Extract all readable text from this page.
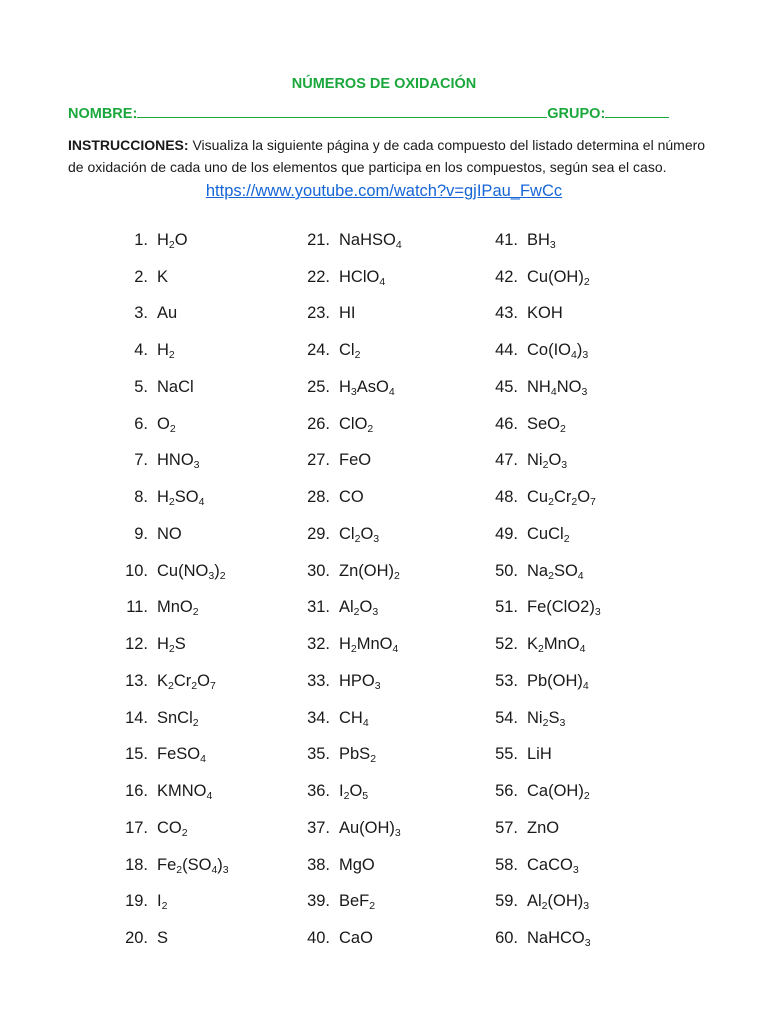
NÚMEROS DE OXIDACIÓN
NOMBRE:	GRUPO:
INSTRUCCIONES: Visualiza la siguiente página y de cada compuesto del listado determina el número de oxidación de cada uno de los elementos que participa en los compuestos, según sea el caso.
https://www.youtube.com/watch?v=gjIPau_FwCc
1. $H_2O$
2. K
3. Au
4. $H_2$
5. NaCl
6. $O_2$
7. $HNO_3$
8. $H_2SO_4$
9. NO
10. $Cu(NO_3)_2$
11. MnO$_2$
12. $H_2S$
13. $K_2Cr_2O_7$
14. SnCl$_2$
15. FeSO$_4$
16. $KMNO_4$
17. $CO_2$
18. $Fe_2(SO_4)_3$
19. $I_2$
20. S
21. NaHSO$_4$
22. HClO$_4$
23. HI
24. $Cl_2$
25. $H_3AsO_4$
26. ClO$_2$
27. FeO
28. CO
29. $Cl_2O_3$
30. $Zn(OH)_2$
31. $Al_2O_3$
32. $H_2MnO_4$
33. $HPO_3$
34. $CH_4$
35. PbS$_2$
36. $I_2O_5$
37. $Au(OH)_3$
38. MgO
39. BeF$_2$
40. CaO
41. $BH_3$
42. $Cu(OH)_2$
43. KOH
44. $Co(IO_4)_3$
45. $NH_4NO_3$
46. SeO$_2$
47. $Ni_2O_3$
48. $Cu_2Cr_2O_7$
49. CuCl$_2$
50. $Na_2SO_4$
51. $Fe(ClO2)_3$
52. $K_2MnO_4$
53. $Pb(OH)_4$
54. $Ni_2S_3$
55. LiH
56. $Ca(OH)_2$
57. ZnO
58. CaCO$_3$
59. $Al_2(OH)_3$
60. NaHCO$_3$
